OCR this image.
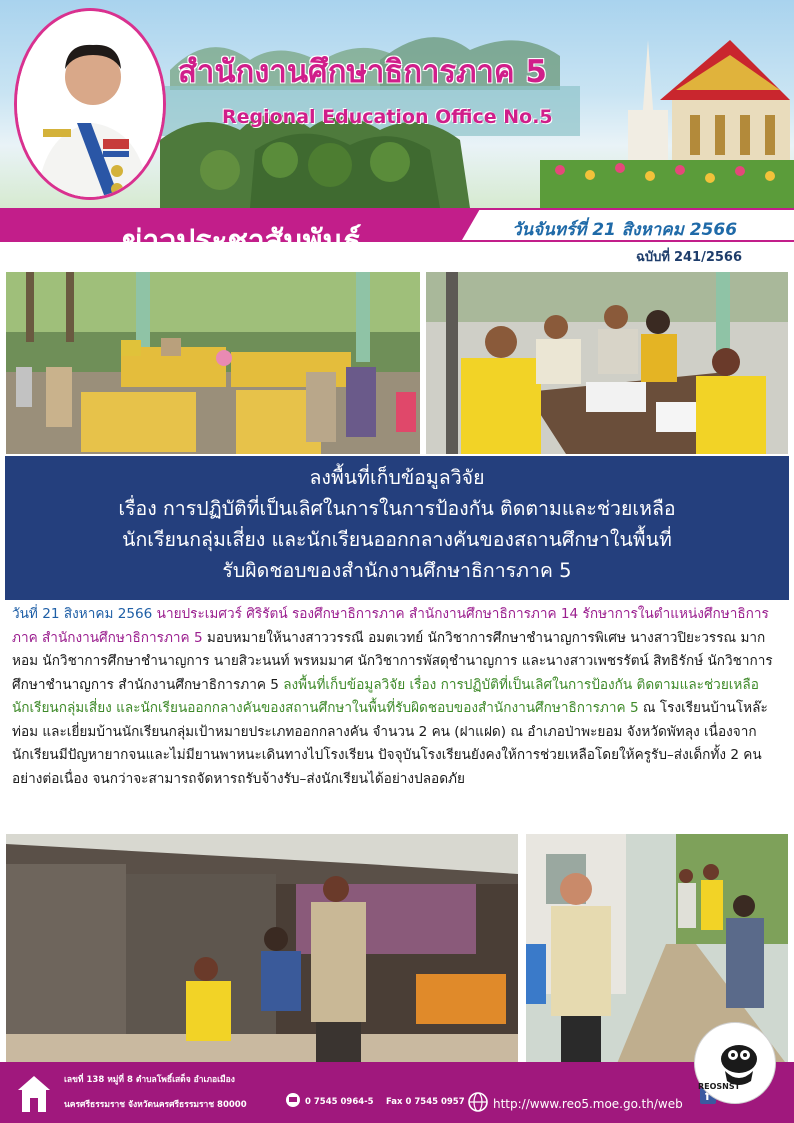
สำนักงานศึกษาธิการภาค 5
Regional Education Office No.5
ข่าวประชาสัมพันธ์	วันจันทร์ที่ 21 สิงหาคม 2566
ฉบับที่ 241/2566

ลงพื้นที่เก็บข้อมูลวิจัย

เรื่อง การปฏิบัติที่เป็นเลิศในการในการป้องกัน ติดตามและช่วยเหลือ

นักเรียนกลุ่มเสี่ยง และนักเรียนออกกลางคันของสถานศึกษาในพื้นที่

รับผิดชอบของสำนักงานศึกษาธิการภาค 5

วันที่ 21 สิงหาคม 2566 นายประเมศวร์ ศิริรัตน์ รองศึกษาธิการภาค สำนักงานศึกษาธิการภาค 14 รักษาการในตำแหน่งศึกษาธิการภาค สำนักงานศึกษาธิการภาค 5 มอบหมายให้นางสาววรรณี อมตเวทย์ นักวิชาการศึกษาชำนาญการพิเศษ นางสาวปิยะวรรณ มากหอม นักวิชาการศึกษาชำนาญการ นายสิวะนนท์ พรหมมาศ นักวิชาการพัสดุชำนาญการ และนางสาวเพชรรัตน์ สิทธิรักษ์ นักวิชาการศึกษาชำนาญการ สำนักงานศึกษาธิการภาค 5 ลงพื้นที่เก็บข้อมูลวิจัย เรื่อง การปฏิบัติที่เป็นเลิศในการป้องกัน ติดตามและช่วยเหลือนักเรียนกลุ่มเสี่ยง และนักเรียนออกกลางคันของสถานศึกษาในพื้นที่รับผิดชอบของสำนักงานศึกษาธิการภาค 5 ณ โรงเรียนบ้านโหล๊ะท่อม และเยี่ยมบ้านนักเรียนกลุ่มเป้าหมายประเภทออกกลางคัน จำนวน 2 คน (ฝาแฝด) ณ อำเภอป่าพะยอม จังหวัดพัทลุง เนื่องจาก นักเรียนมีปัญหายากจนและไม่มียานพาหนะเดินทางไปโรงเรียน ปัจจุบันโรงเรียนยังคงให้การช่วยเหลือโดยให้ครูรับ–ส่งเด็กทั้ง 2 คน อย่างต่อเนื่อง จนกว่าจะสามารถจัดหารถรับจ้างรับ–ส่งนักเรียนได้อย่างปลอดภัย
เลขที่ 138 หมู่ที่ 8 ตำบลโพธิ์เสด็จ อำเภอเมือง
นครศรีธรรมราช จังหวัดนครศรีธรรมราช 80000	0 7545 0964-5 Fax 0 7545 0957 http://www.reo5.moe.go.th/web
f
REOSNST
